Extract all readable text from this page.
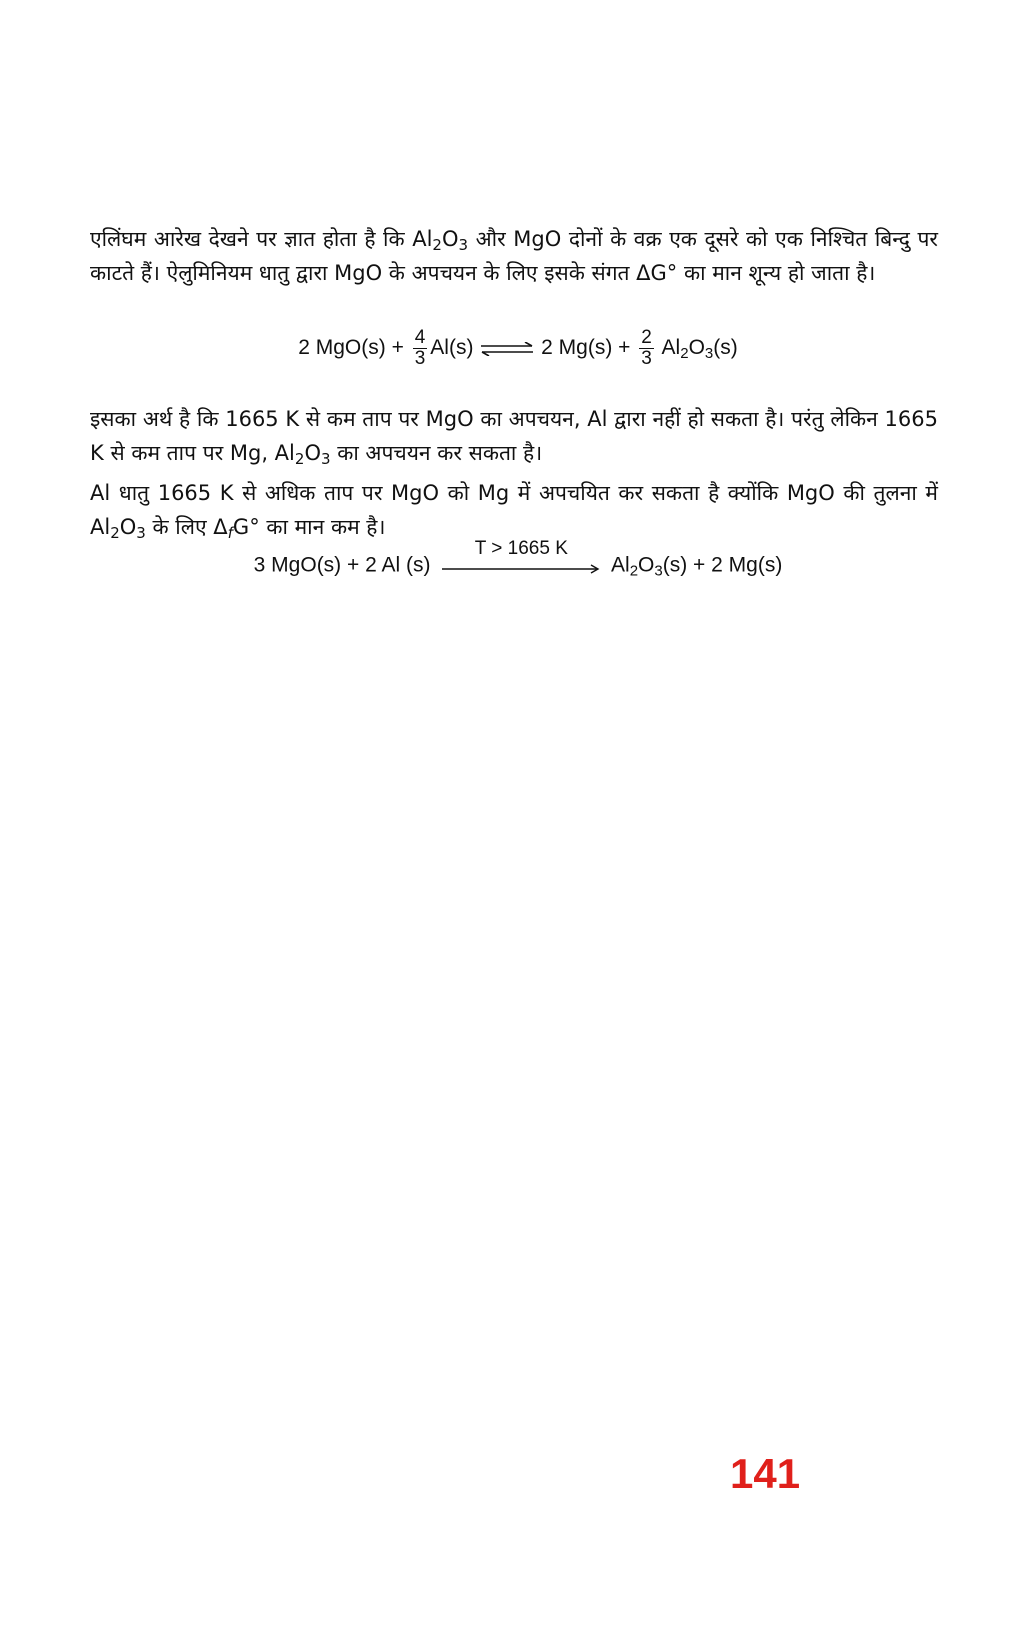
एलिंघम आरेख देखने पर ज्ञात होता है कि $Al_2O_3$ और MgO दोनों के वक्र एक दूसरे को एक निश्चित बिन्दु पर काटते हैं। ऐलुमिनियम धातु द्वारा MgO के अपचयन के लिए इसके संगत ΔG° का मान शून्य हो जाता है।

2 $MgO(s) + \frac{4}{3} Al(s)$ ⇌ 2 $Mg(s) + \frac{2}{3} Al_2O_3(s)$

इसका अर्थ है कि 1665 K से कम ताप पर MgO का अपचयन, Al द्वारा नहीं हो सकता है। परंतु लेकिन 1665 K से कम ताप पर Mg, $Al_2O_3$ का अपचयन कर सकता है।

Al धातु 1665 K से अधिक ताप पर MgO को Mg में अपचयित कर सकता है क्योंकि MgO की तुलना में $Al_2O_3$ के लिए $\Delta_fG^\circ$ का मान कम है।

3 MgO(s) + 2 Al (s)
T > 1665 K
$Al_2O_3(s) + 2$ Mg(s)
141
